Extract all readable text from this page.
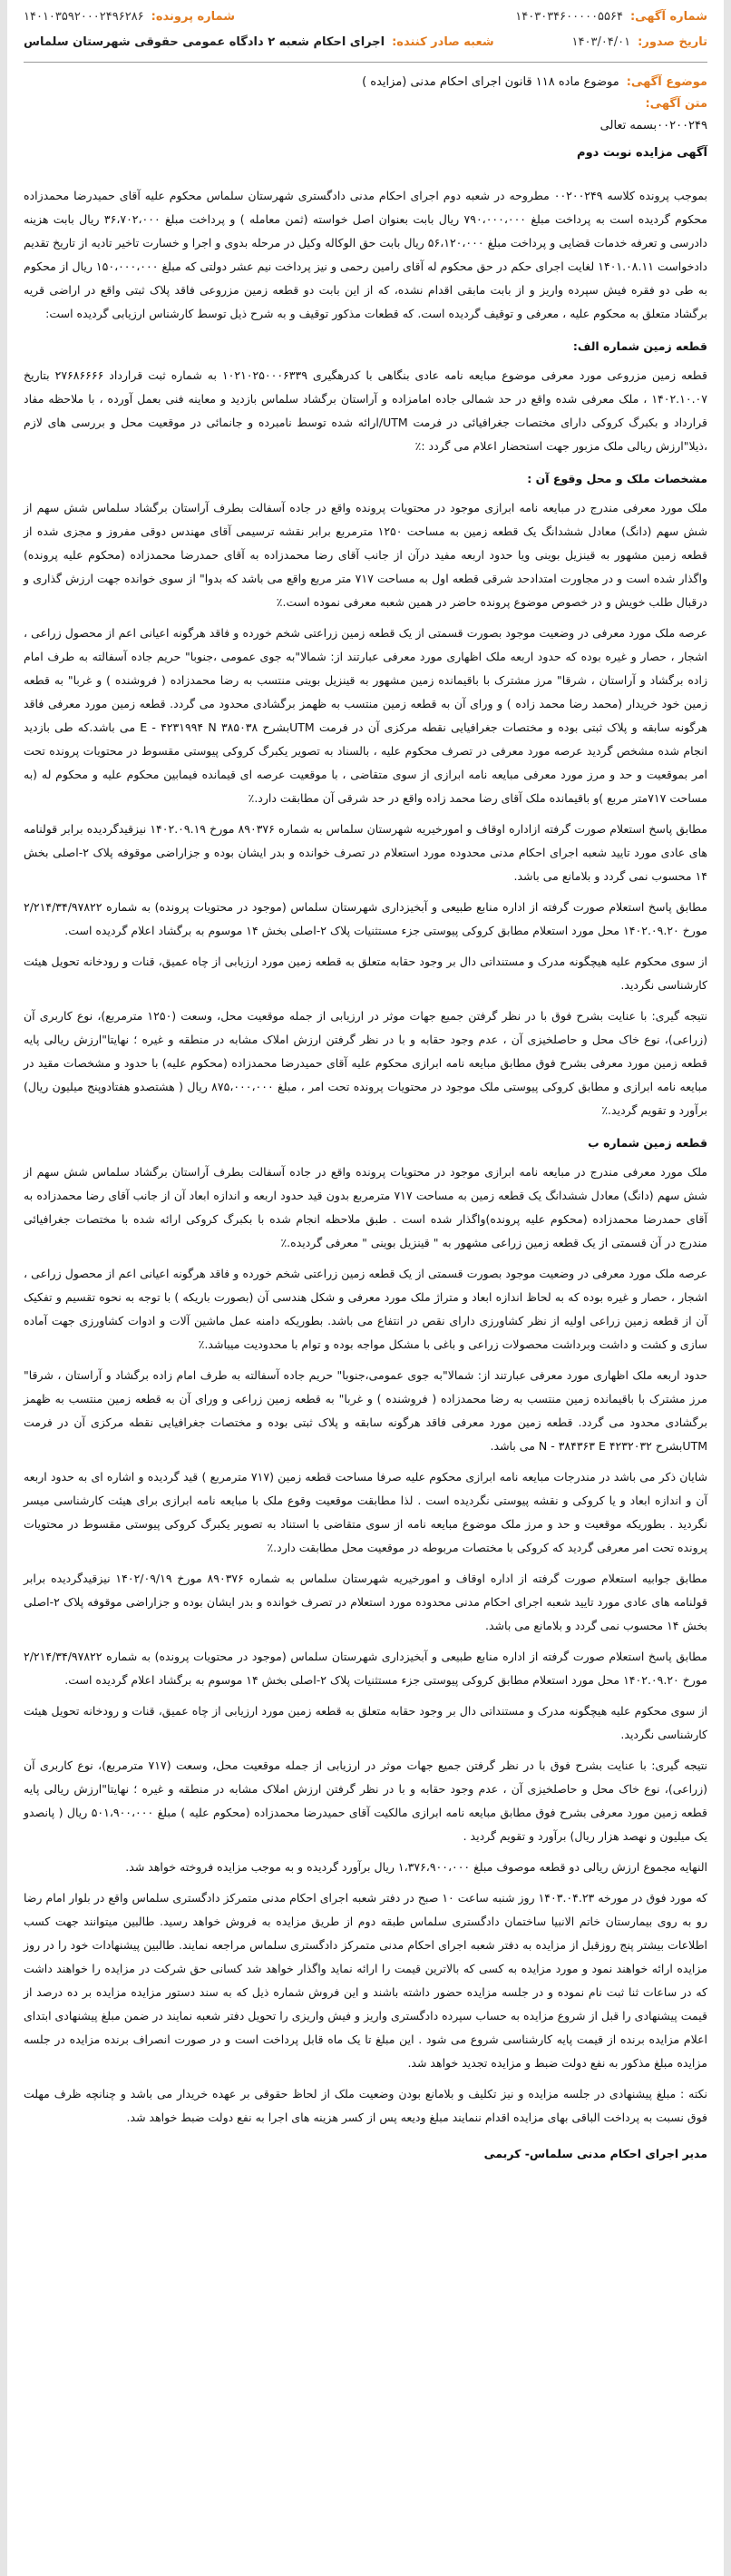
شماره آگهی:
۱۴۰۳۰۳۴۶۰۰۰۰۰۵۵۶۴
شماره پرونده:
۱۴۰۱۰۳۵۹۲۰۰۰۲۴۹۶۲۸۶
تاریخ صدور:
۱۴۰۳/۰۴/۰۱
شعبه صادر کننده:
اجرای احکام شعبه ۲ دادگاه عمومی حقوقی شهرستان سلماس
موضوع آگهی:
موضوع ماده ۱۱۸ قانون اجرای احکام مدنی (مزایده )
متن آگهی:
۰۰۲۰۰۲۴۹بسمه تعالی
آگهی مزایده نوبت دوم

بموجب پرونده کلاسه ۰۰۲۰۰۲۴۹ مطروحه در شعبه دوم اجرای احکام مدنی دادگستری شهرستان سلماس محکوم علیه آقای حمیدرضا محمدزاده محکوم گردیده است به پرداخت مبلغ ۷۹۰،۰۰۰،۰۰۰ ریال بابت بعنوان اصل خواسته (ثمن معامله ) و پرداخت مبلغ ۳۶،۷۰۲،۰۰۰ ریال بابت هزینه دادرسی و تعرفه خدمات قضایی و پرداخت مبلغ ۵۶،۱۲۰،۰۰۰ ریال بابت حق الوکاله وکیل در مرحله بدوی و اجرا و خسارت تاخیر تادیه از تاریخ تقدیم دادخواست ۱۴۰۱.۰۸.۱۱ لغایت اجرای حکم در حق محکوم له آقای رامین رحمی و نیز پرداخت نیم عشر دولتی که مبلغ ۱۵۰،۰۰۰،۰۰۰ ریال از محکوم به طی دو فقره فیش سپرده واریز و از بابت مابقی اقدام نشده، که از این بابت دو قطعه زمین مزروعی فاقد پلاک ثبتی واقع در اراضی قریه برگشاد متعلق به محکوم علیه ، معرفی و توقیف گردیده است. که قطعات مذکور توقیف و به شرح ذیل توسط کارشناس ارزیابی گردیده است:

قطعه زمین شماره الف:

قطعه زمین مزروعی مورد معرفی موضوع مبایعه نامه عادی بنگاهی با کدرهگیری ۱۰۲۱۰۲۵۰۰۰۶۳۳۹ به شماره ثبت قرارداد ۲۷۶۸۶۶۶۶ بتاریخ ۱۴۰۲.۱۰.۰۷ ، ملک معرفی شده واقع در حد شمالی جاده امامزاده و آراستان برگشاد سلماس بازدید و معاینه فنی بعمل آورده ، با ملاحظه مفاد قرارداد و بکبرگ کروکی دارای مختصات جغرافیائی در فرمت UTM/ارائه شده توسط نامبرده و جانمائی در موقعیت محل و بررسی های لازم ،ذیلا"ارزش ریالی ملک مزبور جهت استحضار اعلام می گردد :٪

مشخصات ملک و محل وقوع آن :

ملک مورد معرفی مندرج در مبایعه نامه ابرازی موجود در محتویات پرونده واقع در جاده آسفالت بطرف آراستان برگشاد سلماس شش سهم از شش سهم (دانگ) معادل ششدانگ یک قطعه زمین به مساحت ۱۲۵۰ مترمربع برابر نقشه ترسیمی آقای مهندس دوقی مفروز و مجزی شده از قطعه زمین مشهور به قینزیل بوینی ویا حدود اربعه مفید درآن از جانب آقای رضا محمدزاده به آقای حمدرضا محمدزاده (محکوم علیه پرونده) واگذار شده است و در مجاورت امتدادحد شرقی قطعه اول به مساحت ۷۱۷ متر مربع واقع می باشد که بدوا" از سوی خوانده جهت ارزش گذاری و درقبال طلب خویش و در خصوص موضوع پرونده حاضر در همین شعبه معرفی نموده است.٪

عرصه ملک مورد معرفی در وضعیت موجود بصورت قسمتی از یک قطعه زمین زراعتی شخم خورده و فاقد هرگونه اعیانی اعم از محصول زراعی ، اشجار ، حصار و غیره بوده که حدود اربعه ملک اظهاری مورد معرفی عبارتند از: شمالا"به جوی عمومی ،جنوبا" حریم جاده آسفالته به طرف امام زاده برگشاد و آراستان ، شرقا" مرز مشترک با باقیمانده زمین مشهور به قینزیل بوینی منتسب به رضا محمدزاده ( فروشنده ) و غربا" به قطعه زمین خود خریدار (محمد رضا محمد زاده ) و ورای آن به قطعه زمین منتسب به ظهمز برگشادی محدود می گردد. قطعه زمین مورد معرفی فاقد هرگونه سابقه و پلاک ثبتی بوده و مختصات جغرافیایی نقطه مرکزی آن در فرمت UTMبشرح ۳۸۵۰۳۸ E - ۴۲۳۱۹۹۴ N می باشد.که طی بازدید انجام شده مشخص گردید عرصه مورد معرفی در تصرف محکوم علیه ، بالسناد به تصویر یکبرگ کروکی پیوستی مقسوط در محتویات پرونده تحت امر بموقعیت و حد و مرز مورد معرفی مبایعه نامه ابرازی از سوی متقاضی ، با موقعیت عرصه ای قیمانده فیمابین محکوم علیه و محکوم له (به مساحت ۷۱۷متر مربع )و باقیمانده ملک آقای رضا محمد زاده واقع در حد شرقی آن مطابقت دارد.٪

مطابق پاسخ استعلام صورت گرفته ازاداره اوقاف و امورخیریه شهرستان سلماس به شماره ۸۹۰۳۷۶ مورخ ۱۴۰۲.۰۹.۱۹ نیزقیدگردیده برابر قولنامه های عادی مورد تایید شعبه اجرای احکام مدنی محدوده مورد استعلام در تصرف خوانده و بدر ایشان بوده و جزاراضی موقوفه پلاک ۲-اصلی بخش ۱۴ محسوب نمی گردد و بلامانع می باشد.

مطابق پاسخ استعلام صورت گرفته از اداره منابع طبیعی و آبخیزداری شهرستان سلماس (موجود در محتویات پرونده) به شماره ۲/۲۱۴/۳۴/۹۷۸۲۲ مورخ ۱۴۰۲.۰۹.۲۰ محل مورد استعلام مطابق کروکی پیوستی جزء مستثنیات پلاک ۲-اصلی بخش ۱۴ موسوم به برگشاد اعلام گردیده است.

از سوی محکوم علیه هیچگونه مدرک و مستنداتی دال بر وجود حقابه متعلق به قطعه زمین مورد ارزیابی از چاه عمیق، قنات و رودخانه تحویل هیئت کارشناسی نگردید.

نتیجه گیری: با عنایت بشرح فوق با در نظر گرفتن جمیع جهات موثر در ارزیابی از جمله موقعیت محل، وسعت (۱۲۵۰ مترمربع)، نوع کاربری آن (زراعی)، نوع خاک محل و حاصلخیزی آن ، عدم وجود حقابه و با در نظر گرفتن ارزش املاک مشابه در منطقه و غیره ؛ نهایتا"ارزش ریالی پایه قطعه زمین مورد معرفی بشرح فوق مطابق مبایعه نامه ابرازی محکوم علیه آقای حمیدرضا محمدزاده (محکوم علیه) با حدود و مشخصات مقید در مبایعه نامه ابرازی و مطابق کروکی پیوستی ملک موجود در محتویات پرونده تحت امر ، مبلغ ۸۷۵،۰۰۰،۰۰۰ ریال ( هشتصدو هفتادوپنج میلیون ریال) برآورد و تقویم گردید.٪

قطعه زمین شماره ب

ملک مورد معرفی مندرج در مبایعه نامه ابرازی موجود در محتویات پرونده واقع در جاده آسفالت بطرف آراستان برگشاد سلماس شش سهم از شش سهم (دانگ) معادل ششدانگ یک قطعه زمین به مساحت ۷۱۷ مترمربع بدون قید حدود اربعه و اندازه ابعاد آن از جانب آقای رضا محمدزاده به آقای حمدرضا محمدزاده (محکوم علیه پرونده)واگذار شده است . طبق ملاحظه انجام شده با بکبرگ کروکی ارائه شده با مختصات جغرافیائی مندرج در آن قسمتی از یک قطعه زمین زراعی مشهور به " قینزیل بوینی " معرفی گردیده.٪

عرصه ملک مورد معرفی در وضعیت موجود بصورت قسمتی از یک قطعه زمین زراعتی شخم خورده و فاقد هرگونه اعیانی اعم از محصول زراعی ، اشجار ، حصار و غیره بوده که به لحاظ اندازه ابعاد و متراژ ملک مورد معرفی و شکل هندسی آن (بصورت باریکه ) با توجه به نحوه تقسیم و تفکیک آن از قطعه زمین زراعی اولیه از نظر کشاورزی دارای نقص در انتفاع می باشد. بطوریکه دامنه عمل ماشین آلات و ادوات کشاورزی جهت آماده سازی و کشت و داشت وبرداشت محصولات زراعی و باغی با مشکل مواجه بوده و توام با محدودیت میباشد.٪

حدود اربعه ملک اظهاری مورد معرفی عبارتند از: شمالا"به جوی عمومی،جنوبا" حریم جاده آسفالته به طرف امام زاده برگشاد و آراستان ، شرقا" مرز مشترک با باقیمانده زمین منتسب به رضا محمدزاده ( فروشنده ) و غربا" به قطعه زمین زراعی و ورای آن به قطعه زمین منتسب به ظهمز برگشادی محدود می گردد. قطعه زمین مورد معرفی فاقد هرگونه سابقه و پلاک ثبتی بوده و مختصات جغرافیایی نقطه مرکزی آن در فرمت UTMبشرح ۴۲۳۲۰۳۲ N - ۳۸۴۳۶۳ E می باشد.

شایان ذکر می باشد در مندرجات مبایعه نامه ابرازی محکوم علیه صرفا مساحت قطعه زمین (۷۱۷ مترمربع ) قید گردیده و اشاره ای به حدود اربعه آن و اندازه ابعاد و یا کروکی و نقشه پیوستی نگردیده است . لذا مطابقت موقعیت وقوع ملک با مبایعه نامه ابرازی برای هیئت کارشناسی میسر نگردید . بطوریکه موقعیت و حد و مرز ملک موضوع مبایعه نامه از سوی متقاضی با استناد به تصویر یکبرگ کروکی پیوستی مقسوط در محتویات پرونده تحت امر معرفی گردید که کروکی با مختصات مربوطه در موقعیت محل مطابقت دارد.٪

مطابق جوابیه استعلام صورت گرفته از اداره اوقاف و امورخیریه شهرستان سلماس به شماره ۸۹۰۳۷۶ مورخ ۱۴۰۲/۰۹/۱۹ نیزقیدگردیده برابر قولنامه های عادی مورد تایید شعبه اجرای احکام مدنی محدوده مورد استعلام در تصرف خوانده و بدر ایشان بوده و جزاراضی موقوفه پلاک ۲-اصلی بخش ۱۴ محسوب نمی گردد و بلامانع می باشد.

مطابق پاسخ استعلام صورت گرفته از اداره منابع طبیعی و آبخیزداری شهرستان سلماس (موجود در محتویات پرونده) به شماره ۲/۲۱۴/۳۴/۹۷۸۲۲ مورخ ۱۴۰۲.۰۹.۲۰ محل مورد استعلام مطابق کروکی پیوستی جزء مستثنیات پلاک ۲-اصلی بخش ۱۴ موسوم به برگشاد اعلام گردیده است.

از سوی محکوم علیه هیچگونه مدرک و مستنداتی دال بر وجود حقابه متعلق به قطعه زمین مورد ارزیابی از چاه عمیق، قنات و رودخانه تحویل هیئت کارشناسی نگردید.

نتیجه گیری: با عنایت بشرح فوق با در نظر گرفتن جمیع جهات موثر در ارزیابی از جمله موقعیت محل، وسعت (۷۱۷ مترمربع)، نوع کاربری آن (زراعی)، نوع خاک محل و حاصلخیزی آن ، عدم وجود حقابه و با در نظر گرفتن ارزش املاک مشابه در منطقه و غیره ؛ نهایتا"ارزش ریالی پایه قطعه زمین مورد معرفی بشرح فوق مطابق مبایعه نامه ابرازی مالکیت آقای حمیدرضا محمدزاده (محکوم علیه ) مبلغ ۵۰۱،۹۰۰،۰۰۰ ریال ( پانصدو یک میلیون و نهصد هزار ریال) برآورد و تقویم گردید .

النهایه مجموع ارزش ریالی دو قطعه موصوف مبلغ ۱،۳۷۶،۹۰۰،۰۰۰ ریال برآورد گردیده و به موجب مزایده فروخته خواهد شد.

که مورد فوق در مورخه ۱۴۰۳.۰۴.۲۳ روز شنبه ساعت ۱۰ صبح در دفتر شعبه اجرای احکام مدنی متمرکز دادگستری سلماس واقع در بلوار امام رضا رو به روی بیمارستان خاتم الانبیا ساختمان دادگستری سلماس طبقه دوم از طریق مزایده به فروش خواهد رسید. طالبین میتوانند جهت کسب اطلاعات بیشتر پنج روزقبل از مزایده به دفتر شعبه اجرای احکام مدنی متمرکز دادگستری سلماس مراجعه نمایند. طالبین پیشنهادات خود را در روز مزایده ارائه خواهند نمود و مورد مزایده به کسی که بالاترین قیمت را ارائه نماید واگذار خواهد شد کسانی حق شرکت در مزایده را خواهند داشت که در ساعات ثنا ثبت نام نموده و در جلسه مزایده حضور داشته باشند و این فروش شماره ذیل که به سند دستور مزایده مزایده بر ده درصد از قیمت پیشنهادی را قبل از شروع مزایده به حساب سپرده دادگستری واریز و فیش واریزی را تحویل دفتر شعبه نمایند در ضمن مبلغ پیشنهادی ابتدای اعلام مزایده برنده از قیمت پایه کارشناسی شروع می شود . این مبلغ تا یک ماه قابل پرداخت است و در صورت انصراف برنده مزایده در جلسه مزایده مبلغ مذکور به نفع دولت ضبط و مزایده تجدید خواهد شد.

نکته : مبلغ پیشنهادی در جلسه مزایده و نیز تکلیف و بلامانع بودن وضعیت ملک از لحاظ حقوقی بر عهده خریدار می باشد و چنانچه ظرف مهلت فوق نسبت به پرداخت الباقی بهای مزایده اقدام ننمایند مبلغ ودیعه پس از کسر هزینه های اجرا به نفع دولت ضبط خواهد شد.

مدیر اجرای احکام مدنی سلماس- کربمی
